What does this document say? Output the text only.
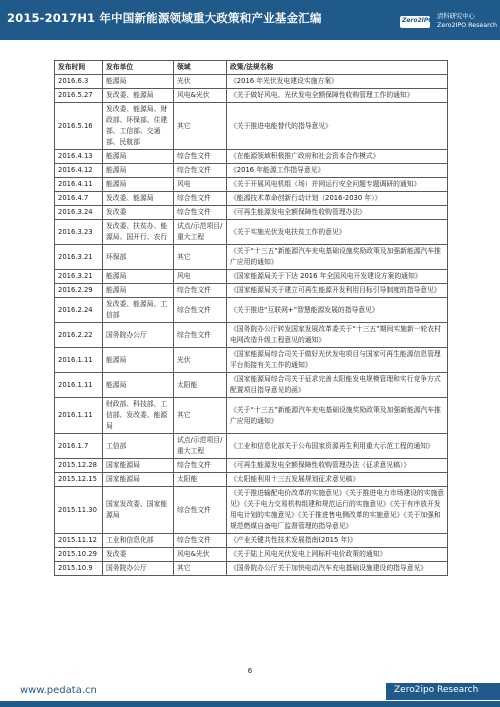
2015-2017H1 年中国新能源领域重大政策和产业基金汇编	Zero2IPO
清科研究中心
Zero2IPO Research
发布时间	发布单位	领域	政策/法规名称
2016.6.3	能源局	光伏	《2016 年光伏发电建设实施方案》
2016.5.27	发改委、能源局	风电&光伏	《关于做好风电、光伏发电全额保障性收购管理工作的通知》
2016.5.16	发改委、能源局、财政部、环保部、住建部、工信部、交通部、民航部	其它	《关于推进电能替代的指导意见》
2016.4.13	能源局	综合性文件	《在能源领域积极推广政府和社会资本合作模式》
2016.4.12	能源局	综合性文件	《2016 年能源工作指导意见》
2016.4.11	能源局	风电	《关于开展风电机组（场）并网运行安全问题专题调研的通知》
2016.4.7	发改委、能源局	综合性文件	《能源技术革命创新行动计划（2016-2030 年）》
2016.3.24	发改委	综合性文件	《可再生能源发电全额保障性收购管理办法》
2016.3.23	发改委、扶贫办、能源局、国开行、农行	试点/示范项目/重大工程	《关于实施光伏发电扶贫工作的意见》
2016.3.21	环保部	其它	《关于“十三五”新能源汽车充电基础设施奖励政策及加强新能源汽车推广应用的通知》
2016.3.21	能源局	风电	《国家能源局关于下达 2016 年全国风电开发建设方案的通知》
2016.2.29	能源局	综合性文件	《国家能源局关于建立可再生能源开发利用目标引导制度的指导意见》
2016.2.24	发改委、能源局、工信部	综合性文件	《关于推进“互联网+”智慧能源发展的指导意见》
2016.2.22	国务院办公厅	综合性文件	《国务院办公厅转发国家发展改革委关于“十三五”期间实施新一轮农村电网改造升级工程意见的通知》
2016.1.11	能源局	光伏	《国家能源局综合司关于做好光伏发电项目与国家可再生能源信息管理平台衔接有关工作的通知》
2016.1.11	能源局	太阳能	《国家能源局综合司关于征求完善太阳能发电规模管理和实行竞争方式配置项目指导意见的函》
2016.1.11	财政部、科技部、工信部、发改委、能源局	其它	《关于“十三五”新能源汽车充电基础设施奖励政策及加强新能源汽车推广应用的通知》
2016.1.7	工信部	试点/示范项目/重大工程	《工业和信息化部关于公布国家资源再生利用重大示范工程的通知》
2015.12.28	国家能源局	综合性文件	《可再生能源发电全额保障性收购管理办法（征求意见稿）》
2015.12.15	国家能源局	太阳能	《太阳能利用十三五发展规划征求意见稿》
2015.11.30	国家发改委、国家能源局	综合性文件	《关于推进输配电价改革的实施意见》《关于推进电力市场建设的实施意见》《关于电力交易机构组建和规范运行的实施意见》《关于有序放开发用电计划的实施意见》《关于推进售电侧改革的实施意见》《关于加强和规范燃煤自备电厂监督管理的指导意见》
2015.11.12	工业和信息化部	综合性文件	《产业关键共性技术发展指南(2015 年)》
2015.10.29	发改委	风电&光伏	《关于陆上风电光伏发电上网标杆电价政策的通知》
2015.10.9	国务院办公厅	其它	《国务院办公厅关于加快电动汽车充电基础设施建设的指导意见》
6
www.pedata.cn	Zero2ipo Research
